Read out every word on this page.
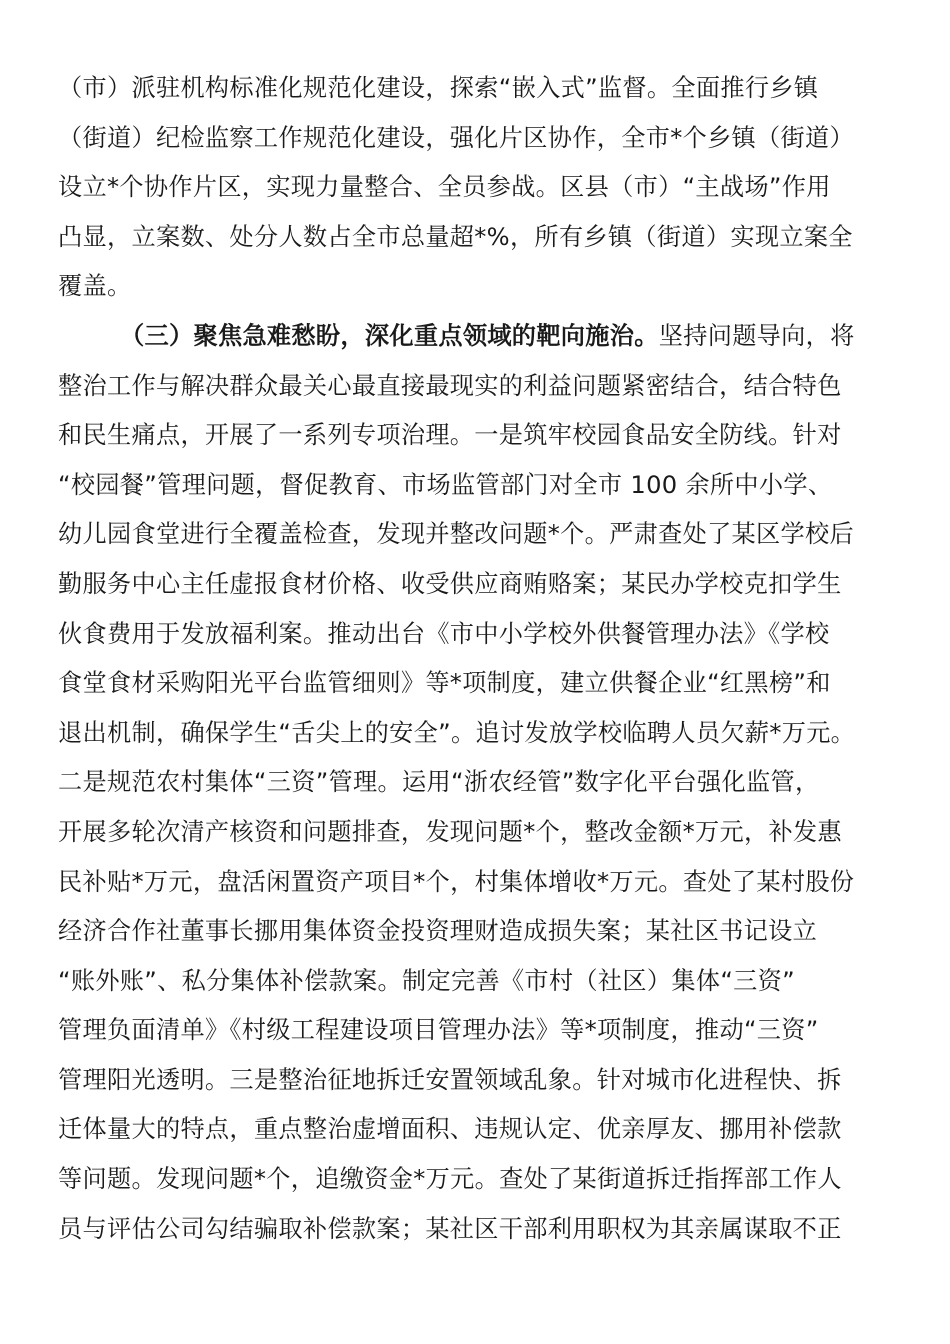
（市）派驻机构标准化规范化建设，探索“嵌入式”监督。全面推行乡镇
（街道）纪检监察工作规范化建设，强化片区协作，全市*个乡镇（街道）
设立*个协作片区，实现力量整合、全员参战。区县（市）“主战场”作用
凸显，立案数、处分人数占全市总量超*%，所有乡镇（街道）实现立案全
覆盖。
（三）聚焦急难愁盼，深化重点领域的靶向施治。坚持问题导向，将
整治工作与解决群众最关心最直接最现实的利益问题紧密结合，结合特色
和民生痛点，开展了一系列专项治理。一是筑牢校园食品安全防线。针对
“校园餐”管理问题，督促教育、市场监管部门对全市 100 余所中小学、
幼儿园食堂进行全覆盖检查，发现并整改问题*个。严肃查处了某区学校后
勤服务中心主任虚报食材价格、收受供应商贿赂案；某民办学校克扣学生
伙食费用于发放福利案。推动出台《市中小学校外供餐管理办法》《学校
食堂食材采购阳光平台监管细则》等*项制度，建立供餐企业“红黑榜”和
退出机制，确保学生“舌尖上的安全”。追讨发放学校临聘人员欠薪*万元。
二是规范农村集体“三资”管理。运用“浙农经管”数字化平台强化监管，
开展多轮次清产核资和问题排查，发现问题*个，整改金额*万元，补发惠
民补贴*万元，盘活闲置资产项目*个，村集体增收*万元。查处了某村股份
经济合作社董事长挪用集体资金投资理财造成损失案；某社区书记设立
“账外账”、私分集体补偿款案。制定完善《市村（社区）集体“三资”
管理负面清单》《村级工程建设项目管理办法》等*项制度，推动“三资”
管理阳光透明。三是整治征地拆迁安置领域乱象。针对城市化进程快、拆
迁体量大的特点，重点整治虚增面积、违规认定、优亲厚友、挪用补偿款
等问题。发现问题*个，追缴资金*万元。查处了某街道拆迁指挥部工作人
员与评估公司勾结骗取补偿款案；某社区干部利用职权为其亲属谋取不正
